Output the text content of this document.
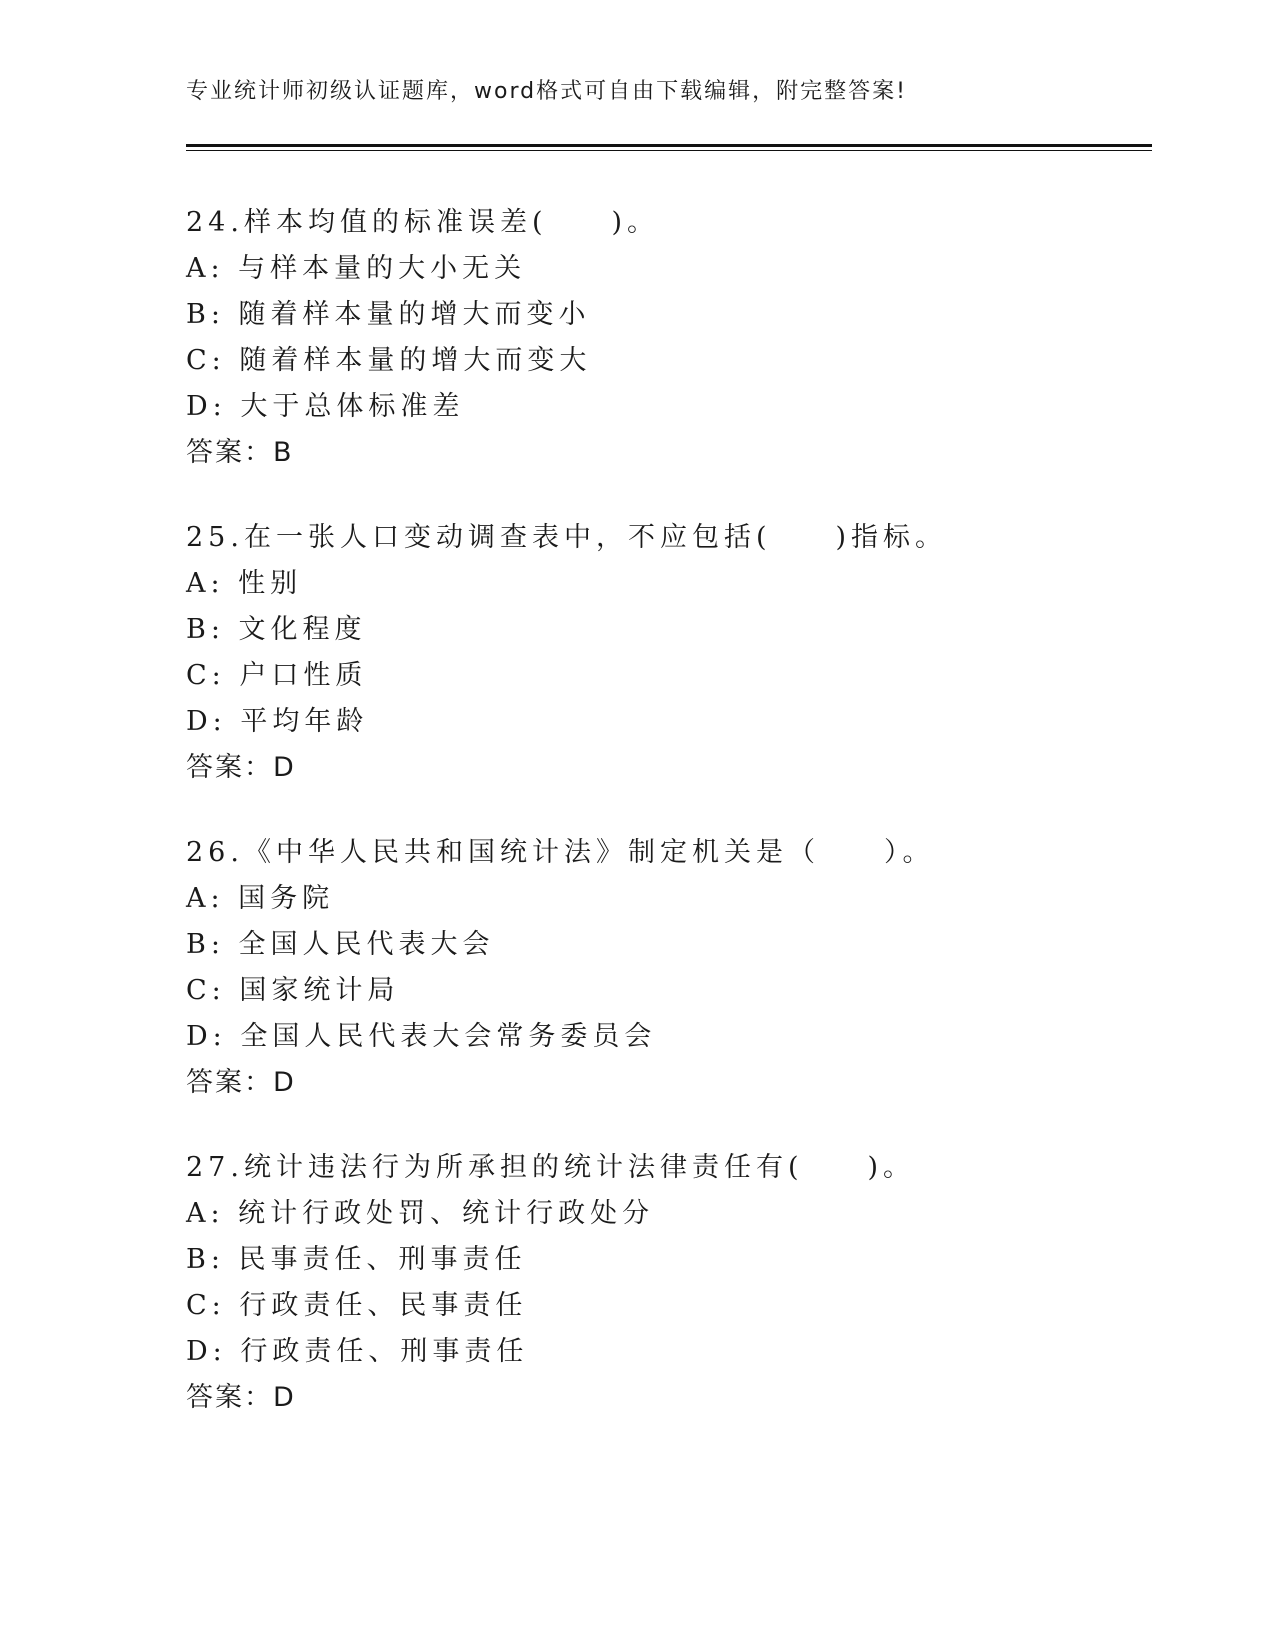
专业统计师初级认证题库，word格式可自由下载编辑，附完整答案!
24.样本均值的标准误差(　　)。
A: 与样本量的大小无关
B: 随着样本量的增大而变小
C: 随着样本量的增大而变大
D: 大于总体标准差
答案：B
25.在一张人口变动调查表中，不应包括(　　)指标。
A: 性别
B: 文化程度
C: 户口性质
D: 平均年龄
答案：D
26.《中华人民共和国统计法》制定机关是（　　）。
A: 国务院
B: 全国人民代表大会
C: 国家统计局
D: 全国人民代表大会常务委员会
答案：D
27.统计违法行为所承担的统计法律责任有(　　)。
A: 统计行政处罚、统计行政处分
B: 民事责任、刑事责任
C: 行政责任、民事责任
D: 行政责任、刑事责任
答案：D
